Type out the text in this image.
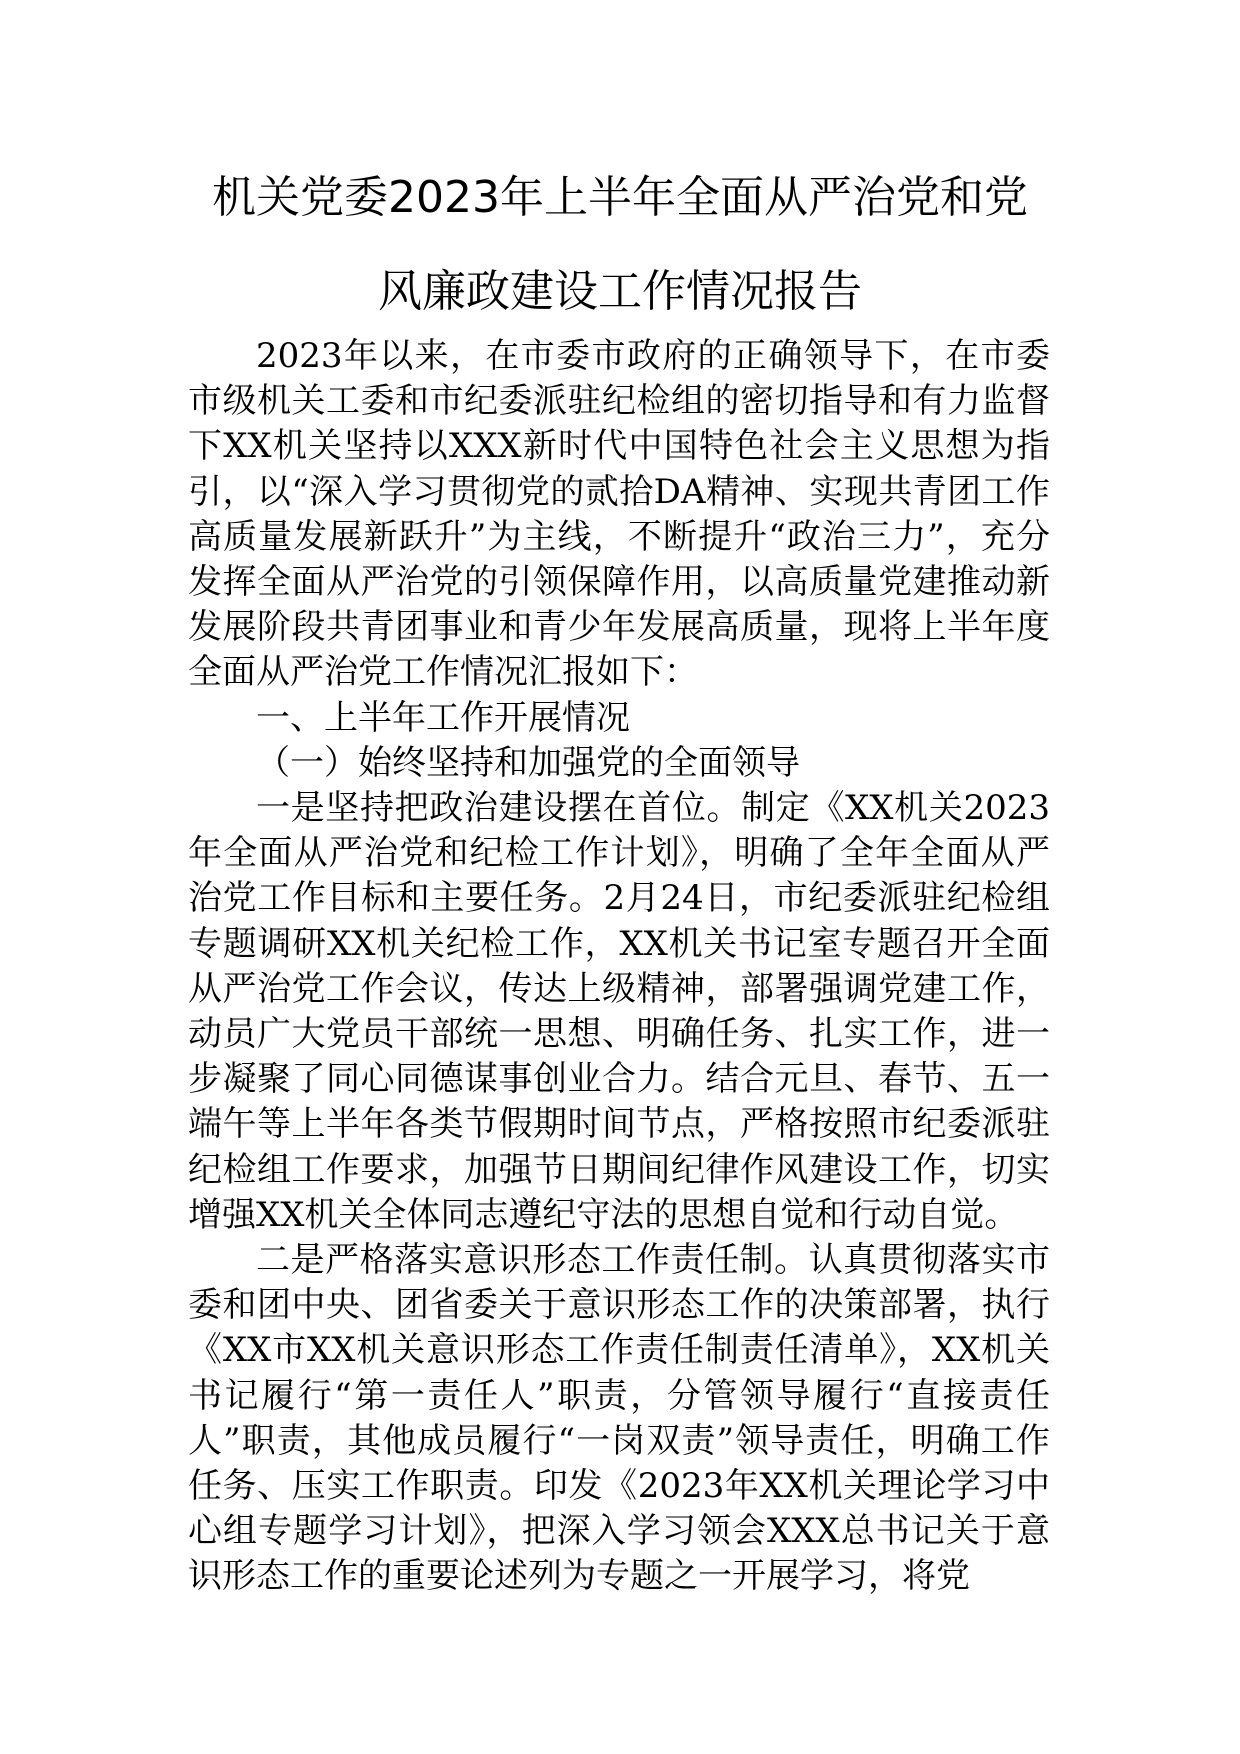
机关党委2023年上半年全面从严治党和党
风廉政建设工作情况报告

2023年以来，在市委市政府的正确领导下，在市委市级机关工委和市纪委派驻纪检组的密切指导和有力监督下XX机关坚持以XXX新时代中国特色社会主义思想为指引，以“深入学习贯彻党的贰拾DA精神、实现共青团工作高质量发展新跃升”为主线，不断提升“政治三力”，充分发挥全面从严治党的引领保障作用，以高质量党建推动新发展阶段共青团事业和青少年发展高质量，现将上半年度全面从严治党工作情况汇报如下：

一、上半年工作开展情况

（一）始终坚持和加强党的全面领导

一是坚持把政治建设摆在首位。制定《XX机关2023年全面从严治党和纪检工作计划》，明确了全年全面从严治党工作目标和主要任务。2月24日，市纪委派驻纪检组专题调研XX机关纪检工作，XX机关书记室专题召开全面从严治党工作会议，传达上级精神，部署强调党建工作，动员广大党员干部统一思想、明确任务、扎实工作，进一步凝聚了同心同德谋事创业合力。结合元旦、春节、五一端午等上半年各类节假期时间节点，严格按照市纪委派驻纪检组工作要求，加强节日期间纪律作风建设工作，切实增强XX机关全体同志遵纪守法的思想自觉和行动自觉。

二是严格落实意识形态工作责任制。认真贯彻落实市委和团中央、团省委关于意识形态工作的决策部署，执行《XX市XX机关意识形态工作责任制责任清单》，XX机关书记履行“第一责任人”职责，分管领导履行“直接责任人”职责，其他成员履行“一岗双责”领导责任，明确工作任务、压实工作职责。印发《2023年XX机关理论学习中心组专题学习计划》，把深入学习领会XXX总书记关于意识形态工作的重要论述列为专题之一开展学习，将党
